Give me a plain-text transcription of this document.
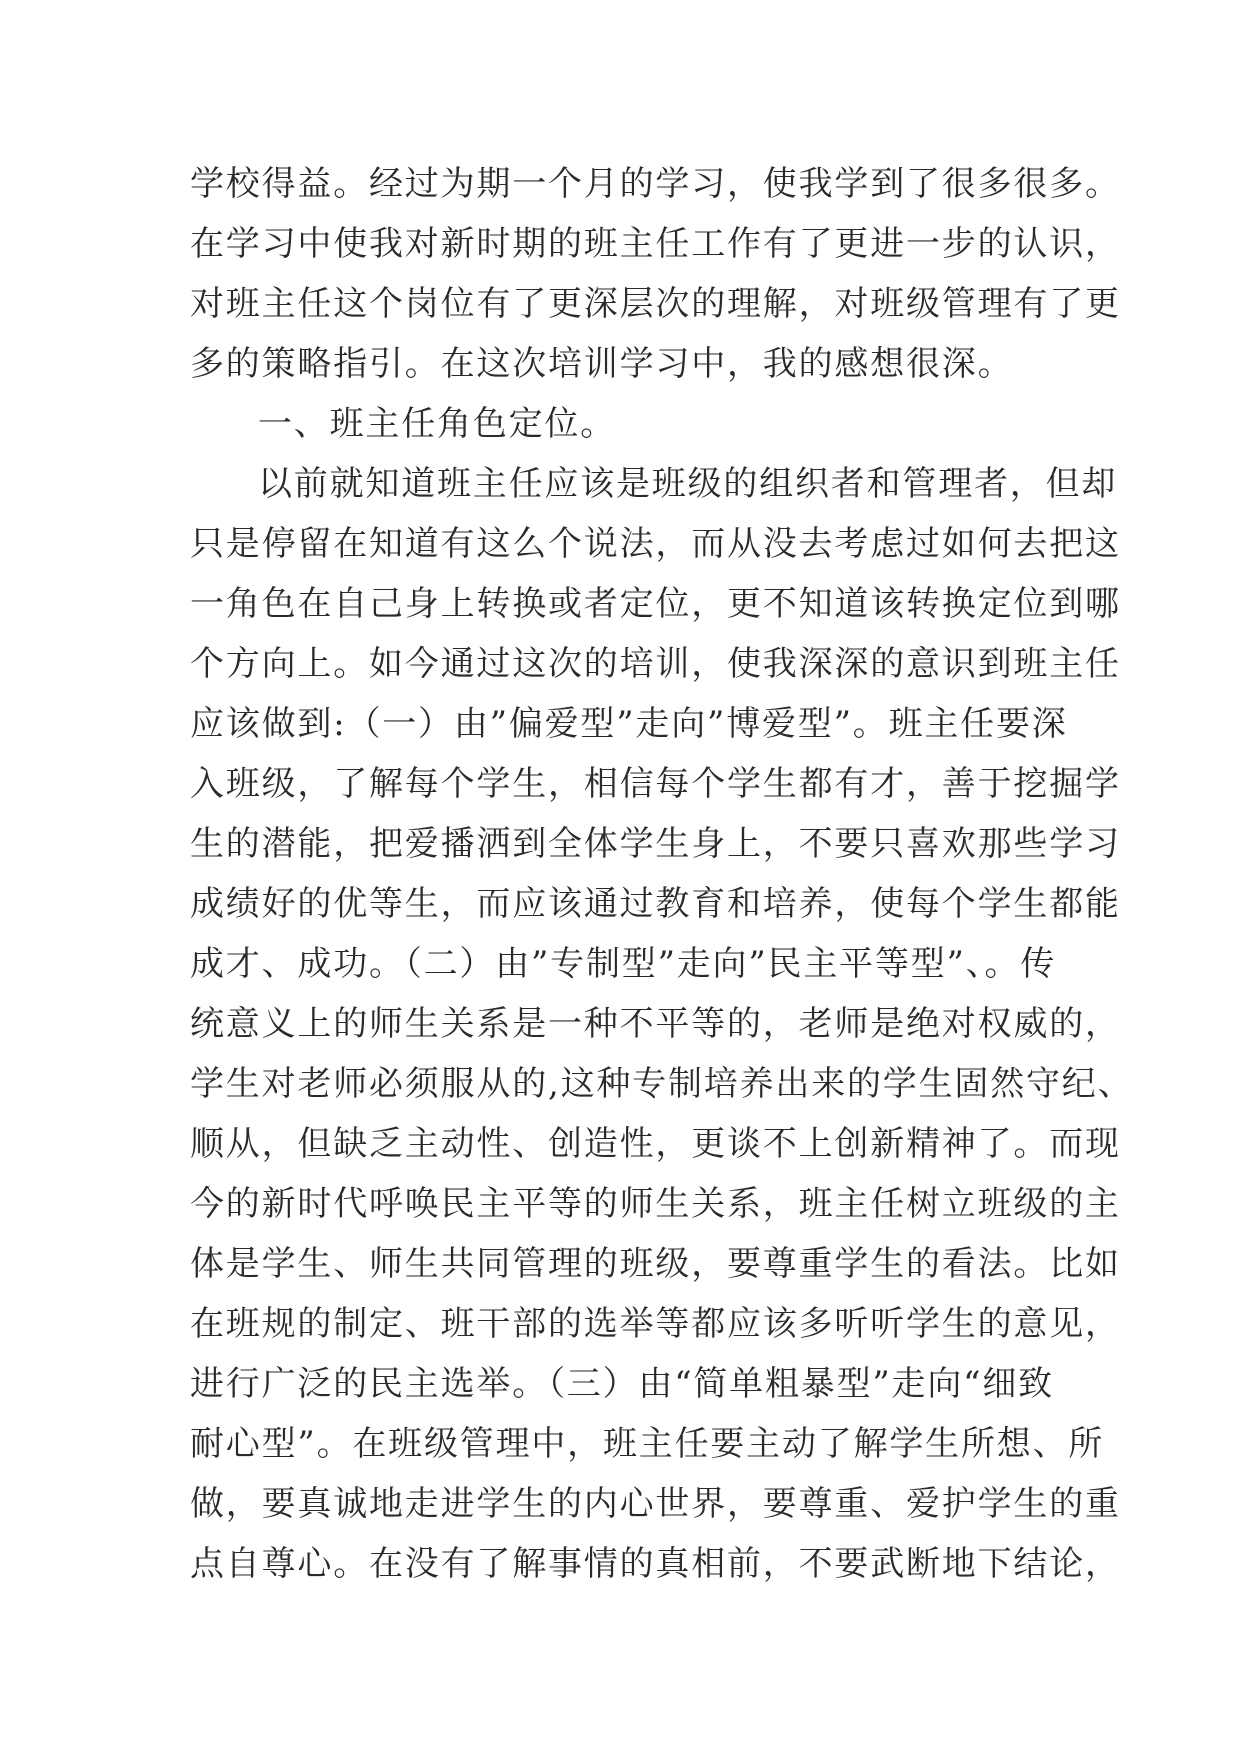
学校得益。经过为期一个月的学习，使我学到了很多很多。
在学习中使我对新时期的班主任工作有了更进一步的认识，
对班主任这个岗位有了更深层次的理解，对班级管理有了更
多的策略指引。在这次培训学习中，我的感想很深。
一、班主任角色定位。
以前就知道班主任应该是班级的组织者和管理者，但却
只是停留在知道有这么个说法，而从没去考虑过如何去把这
一角色在自己身上转换或者定位，更不知道该转换定位到哪
个方向上。如今通过这次的培训，使我深深的意识到班主任
应该做到:（一）由”偏爱型”走向”博爱型”。班主任要深
入班级，了解每个学生，相信每个学生都有才，善于挖掘学
生的潜能，把爱播洒到全体学生身上，不要只喜欢那些学习
成绩好的优等生，而应该通过教育和培养，使每个学生都能
成才、成功。（二）由”专制型”走向”民主平等型”、。传
统意义上的师生关系是一种不平等的，老师是绝对权威的，
学生对老师必须服从的,这种专制培养出来的学生固然守纪、
顺从，但缺乏主动性、创造性，更谈不上创新精神了。而现
今的新时代呼唤民主平等的师生关系，班主任树立班级的主
体是学生、师生共同管理的班级，要尊重学生的看法。比如
在班规的制定、班干部的选举等都应该多听听学生的意见，
进行广泛的民主选举。（三）由“简单粗暴型”走向“细致
耐心型”。在班级管理中，班主任要主动了解学生所想、所
做，要真诚地走进学生的内心世界，要尊重、爱护学生的重
点自尊心。在没有了解事情的真相前，不要武断地下结论，
